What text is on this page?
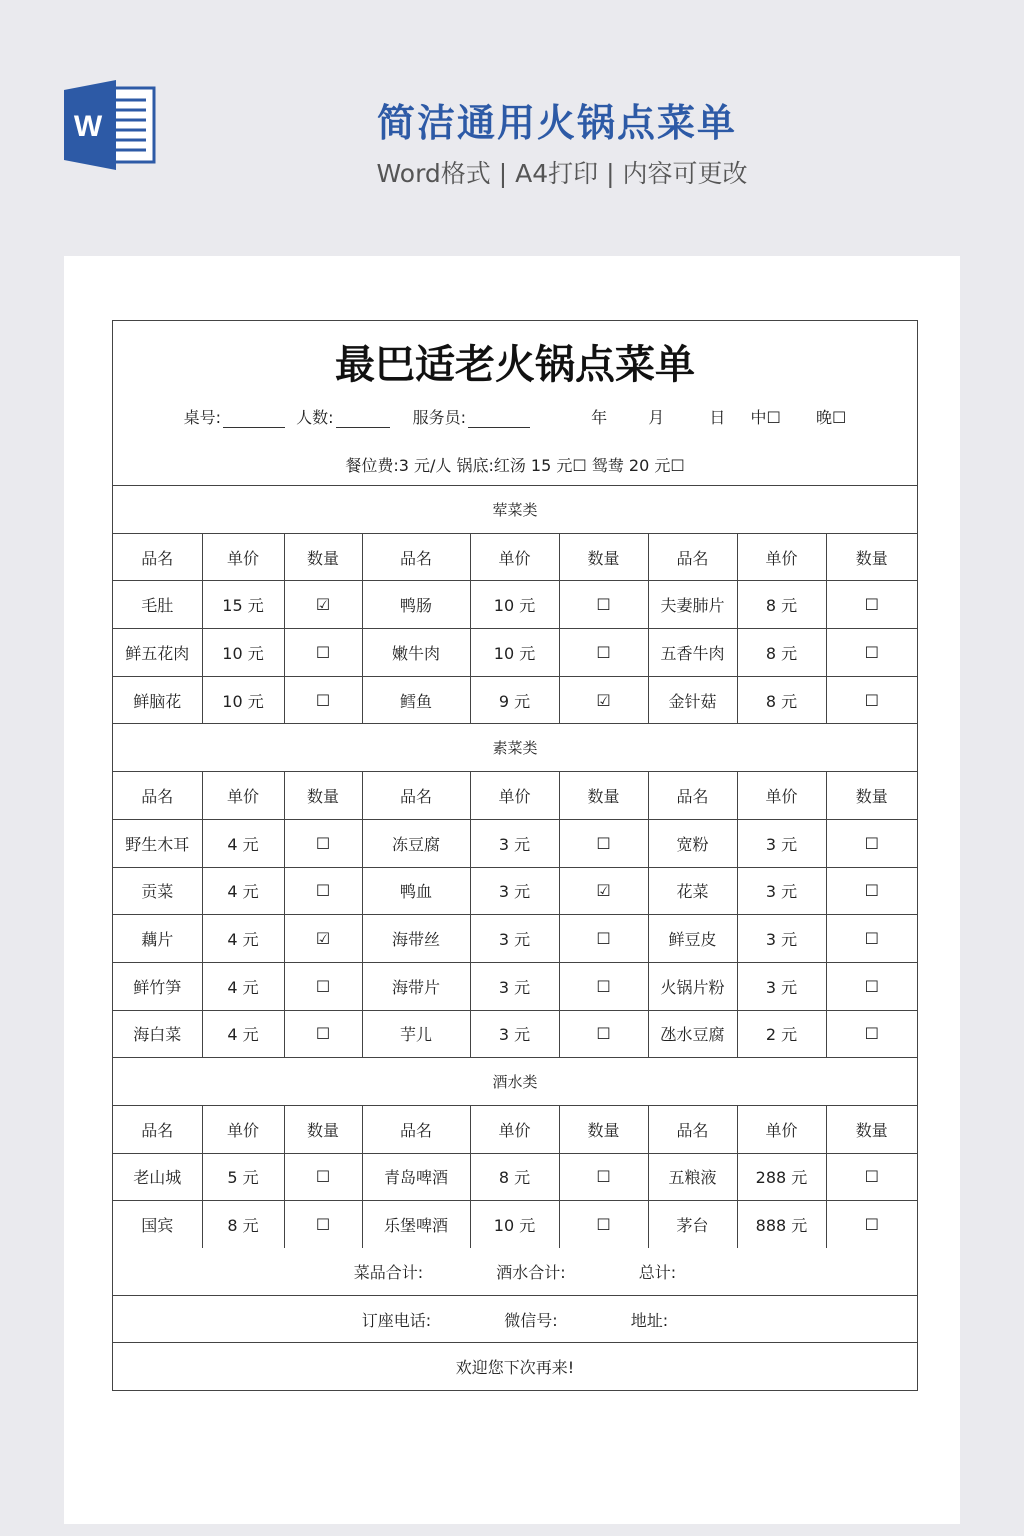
W	简洁通用火锅点菜单
Word格式 | A4打印 | 内容可更改
最巴适老火锅点菜单
桌号:	人数:	服务员:	年	月	日 中☐ 晚☐
餐位费:3 元/人 锅底:红汤 15 元☐ 鸳鸯 20 元☐
荤菜类								
品名	单价	数量	品名	单价	数量	品名	单价	数量
毛肚	15 元	☑	鸭肠	10 元	☐	夫妻肺片	8 元	☐
鲜五花肉	10 元	☐	嫩牛肉	10 元	☐	五香牛肉	8 元	☐
鲜脑花	10 元	☐	鳕鱼	9 元	☑	金针菇	8 元	☐
素菜类								
品名	单价	数量	品名	单价	数量	品名	单价	数量
野生木耳	4 元	☐	冻豆腐	3 元	☐	宽粉	3 元	☐
贡菜	4 元	☐	鸭血	3 元	☑	花菜	3 元	☐
藕片	4 元	☑	海带丝	3 元	☐	鲜豆皮	3 元	☐
鲜竹笋	4 元	☐	海带片	3 元	☐	火锅片粉	3 元	☐
海白菜	4 元	☐	芋儿	3 元	☐	氹水豆腐	2 元	☐
酒水类								
品名	单价	数量	品名	单价	数量	品名	单价	数量
老山城	5 元	☐	青岛啤酒	8 元	☐	五粮液	288 元	☐
国宾	8 元	☐	乐堡啤酒	10 元	☐	茅台	888 元	☐
菜品合计: 酒水合计: 总计:								
订座电话: 微信号: 地址:								
欢迎您下次再来!								
